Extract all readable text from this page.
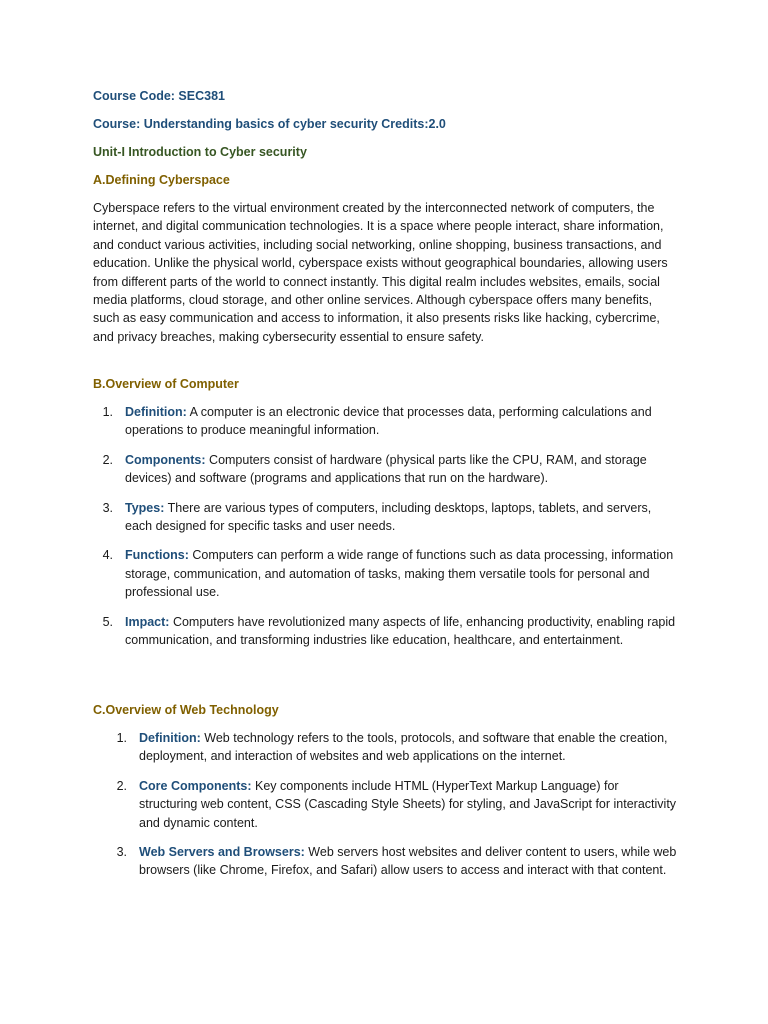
Course Code: SEC381
Course: Understanding basics of cyber security Credits:2.0
Unit-I Introduction to Cyber security
A.Defining Cyberspace

Cyberspace refers to the virtual environment created by the interconnected network of computers, the internet, and digital communication technologies. It is a space where people interact, share information, and conduct various activities, including social networking, online shopping, business transactions, and education. Unlike the physical world, cyberspace exists without geographical boundaries, allowing users from different parts of the world to connect instantly. This digital realm includes websites, emails, social media platforms, cloud storage, and other online services. Although cyberspace offers many benefits, such as easy communication and access to information, it also presents risks like hacking, cybercrime, and privacy breaches, making cybersecurity essential to ensure safety.

B.Overview of Computer
1. Definition: A computer is an electronic device that processes data, performing calculations and operations to produce meaningful information.
2. Components: Computers consist of hardware (physical parts like the CPU, RAM, and storage devices) and software (programs and applications that run on the hardware).
3. Types: There are various types of computers, including desktops, laptops, tablets, and servers, each designed for specific tasks and user needs.
4. Functions: Computers can perform a wide range of functions such as data processing, information storage, communication, and automation of tasks, making them versatile tools for personal and professional use.
5. Impact: Computers have revolutionized many aspects of life, enhancing productivity, enabling rapid communication, and transforming industries like education, healthcare, and entertainment.
C.Overview of Web Technology
1. Definition: Web technology refers to the tools, protocols, and software that enable the creation, deployment, and interaction of websites and web applications on the internet.
2. Core Components: Key components include HTML (HyperText Markup Language) for structuring web content, CSS (Cascading Style Sheets) for styling, and JavaScript for interactivity and dynamic content.
3. Web Servers and Browsers: Web servers host websites and deliver content to users, while web browsers (like Chrome, Firefox, and Safari) allow users to access and interact with that content.
